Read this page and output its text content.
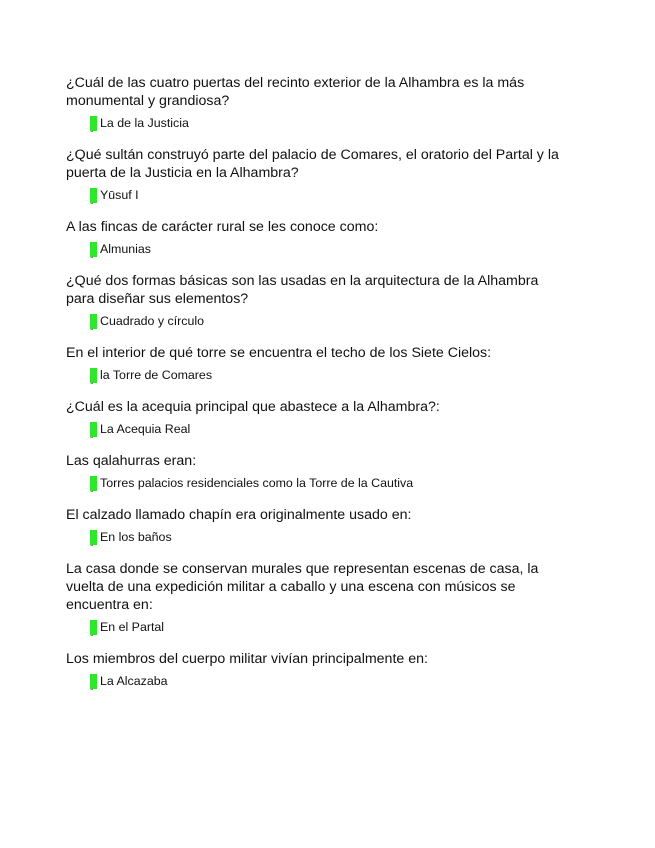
¿Cuál de las cuatro puertas del recinto exterior de la Alhambra es la más monumental y grandiosa?
..
La de la Justicia
¿Qué sultán construyó parte del palacio de Comares, el oratorio del Partal y la puerta de la Justicia en la Alhambra?
..
Yūsuf I
A las fincas de carácter rural se les conoce como:
..
Almunias
¿Qué dos formas básicas son las usadas en la arquitectura de la Alhambra para diseñar sus elementos?
..
Cuadrado y círculo
En el interior de qué torre se encuentra el techo de los Siete Cielos:
..
la Torre de Comares
¿Cuál es la acequia principal que abastece a la Alhambra?:
..
La Acequia Real
Las qalahurras eran:
..
Torres palacios residenciales como la Torre de la Cautiva
El calzado llamado chapín era originalmente usado en:
..
En los baños
La casa donde se conservan murales que representan escenas de casa, la vuelta de una expedición militar a caballo y una escena con músicos se encuentra en:
..
En el Partal
Los miembros del cuerpo militar vivían principalmente en:
..
La Alcazaba
